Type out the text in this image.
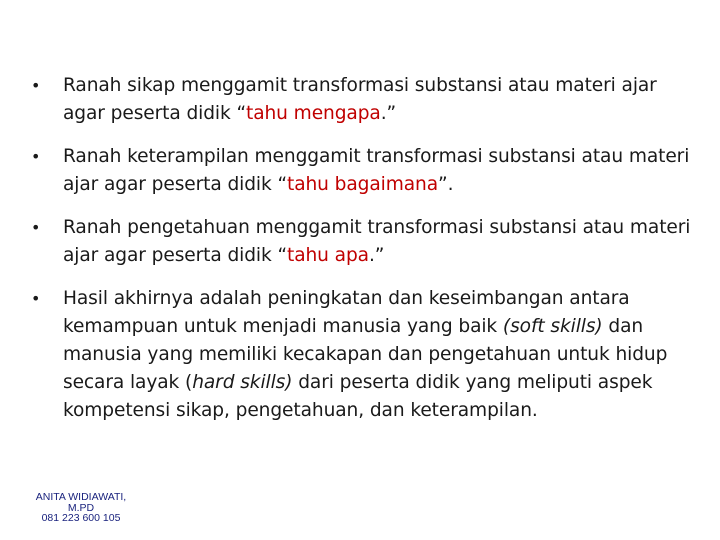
• Ranah sikap menggamit transformasi substansi atau materi ajar agar peserta didik “tahu mengapa.”
• Ranah keterampilan menggamit transformasi substansi atau materi ajar agar peserta didik “tahu bagaimana”.
• Ranah pengetahuan menggamit transformasi substansi atau materi ajar agar peserta didik “tahu apa.”
• Hasil akhirnya adalah peningkatan dan keseimbangan antara kemampuan untuk menjadi manusia yang baik (soft skills) dan manusia yang memiliki kecakapan dan pengetahuan untuk hidup secara layak (hard skills) dari peserta didik yang meliputi aspek kompetensi sikap, pengetahuan, dan keterampilan.
ANITA WIDIAWATI,
M.PD
081 223 600 105
